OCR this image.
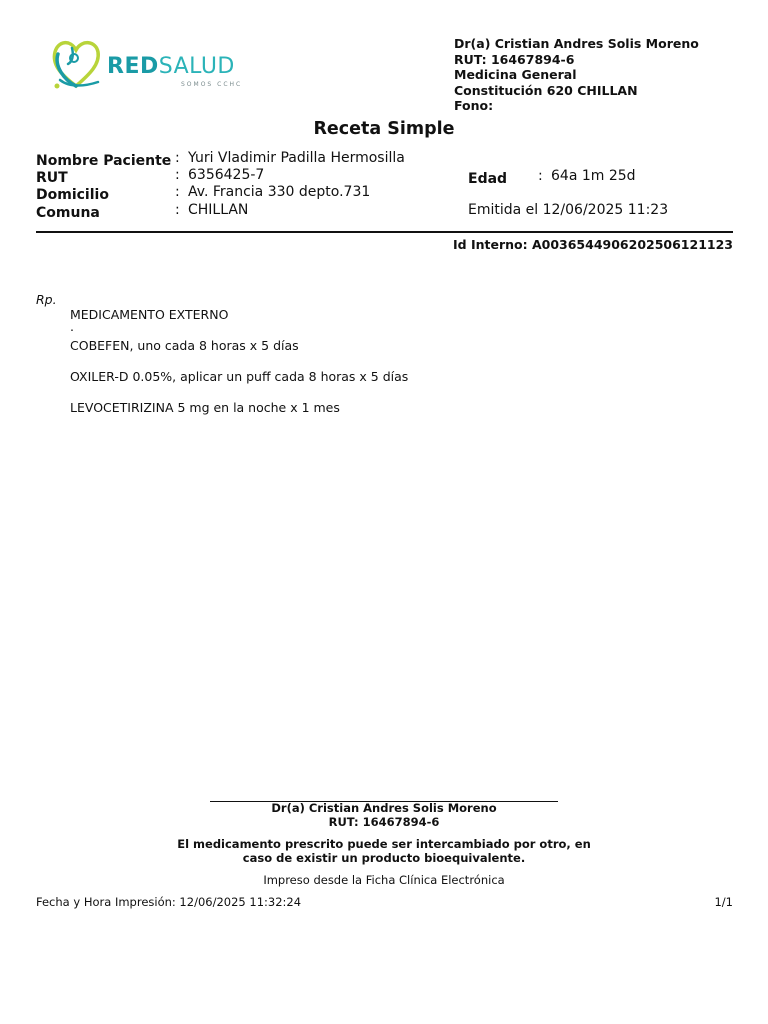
REDSALUD
SOMOS CCHC
Dr(a) Cristian Andres Solis Moreno
RUT: 16467894-6
Medicina General
Constitución 620 CHILLAN
Fono:
Receta Simple
Nombre Paciente : Yuri Vladimir Padilla Hermosilla
RUT	: 6356425-7
Domicilio	: Av. Francia 330 depto.731
Comuna	: CHILLAN
Edad : 64a 1m 25d
Emitida el 12/06/2025 11:23
Id Interno: A0036544906202506121123
Rp.
MEDICAMENTO EXTERNO
.
COBEFEN, uno cada 8 horas x 5 días
OXILER-D 0.05%, aplicar un puff cada 8 horas x 5 días
LEVOCETIRIZINA 5 mg en la noche x 1 mes
Dr(a) Cristian Andres Solis Moreno
RUT: 16467894-6
El medicamento prescrito puede ser intercambiado por otro, en
caso de existir un producto bioequivalente.
Impreso desde la Ficha Clínica Electrónica
Fecha y Hora Impresión: 12/06/2025 11:32:24	1/1
